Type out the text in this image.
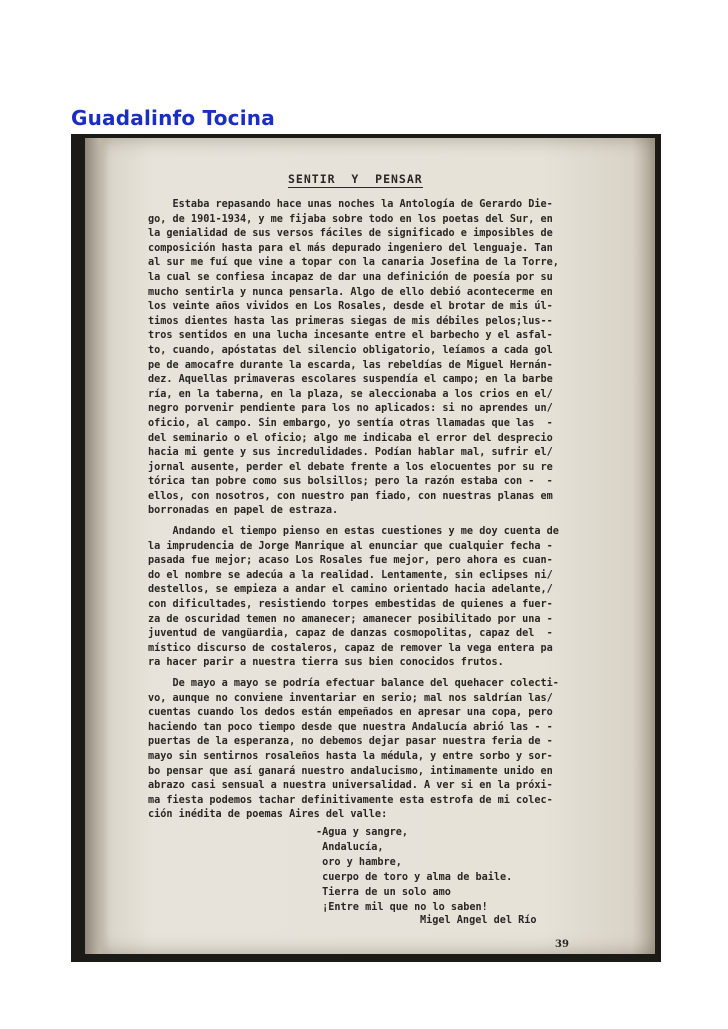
Guadalinfo Tocina
SENTIR  Y  PENSAR
Estaba repasando hace unas noches la Antología de Gerardo Die-
go, de 1901-1934, y me fijaba sobre todo en los poetas del Sur, en
la genialidad de sus versos fáciles de significado e imposibles de
composición hasta para el más depurado ingeniero del lenguaje. Tan
al sur me fuí que vine a topar con la canaria Josefina de la Torre,
la cual se confiesa incapaz de dar una definición de poesía por su
mucho sentirla y nunca pensarla. Algo de ello debió acontecerme en
los veinte años vividos en Los Rosales, desde el brotar de mis úl-
timos dientes hasta las primeras siegas de mis débiles pelos;lus--
tros sentidos en una lucha incesante entre el barbecho y el asfal-
to, cuando, apóstatas del silencio obligatorio, leíamos a cada gol
pe de amocafre durante la escarda, las rebeldías de Miguel Hernán-
dez. Aquellas primaveras escolares suspendía el campo; en la barbe
ría, en la taberna, en la plaza, se aleccionaba a los crios en el/
negro porvenir pendiente para los no aplicados: si no aprendes un/
oficio, al campo. Sin embargo, yo sentía otras llamadas que las  -
del seminario o el oficio; algo me indicaba el error del desprecio
hacia mi gente y sus incredulidades. Podían hablar mal, sufrir el/
jornal ausente, perder el debate frente a los elocuentes por su re
tórica tan pobre como sus bolsillos; pero la razón estaba con -  -
ellos, con nosotros, con nuestro pan fiado, con nuestras planas em
borronadas en papel de estraza.
Andando el tiempo pienso en estas cuestiones y me doy cuenta de
la imprudencia de Jorge Manrique al enunciar que cualquier fecha -
pasada fue mejor; acaso Los Rosales fue mejor, pero ahora es cuan-
do el nombre se adecúa a la realidad. Lentamente, sin eclipses ni/
destellos, se empieza a andar el camino orientado hacia adelante,/
con dificultades, resistiendo torpes embestidas de quienes a fuer-
za de oscuridad temen no amanecer; amanecer posibilitado por una -
juventud de vangüardia, capaz de danzas cosmopolitas, capaz del  -
místico discurso de costaleros, capaz de remover la vega entera pa
ra hacer parir a nuestra tierra sus bien conocidos frutos.
De mayo a mayo se podría efectuar balance del quehacer colecti-
vo, aunque no conviene inventariar en serio; mal nos saldrían las/
cuentas cuando los dedos están empeñados en apresar una copa, pero
haciendo tan poco tiempo desde que nuestra Andalucía abrió las - -
puertas de la esperanza, no debemos dejar pasar nuestra feria de -
mayo sin sentirnos rosaleños hasta la médula, y entre sorbo y sor-
bo pensar que así ganará nuestro andalucismo, intimamente unido en
abrazo casi sensual a nuestra universalidad. A ver si en la próxi-
ma fiesta podemos tachar definitivamente esta estrofa de mi colec-
ción inédita de poemas Aires del valle:
-Agua y sangre,
Andalucía,
oro y hambre,
cuerpo de toro y alma de baile.
Tierra de un solo amo
¡Entre mil que no lo saben!
Migel Angel del Río
39
